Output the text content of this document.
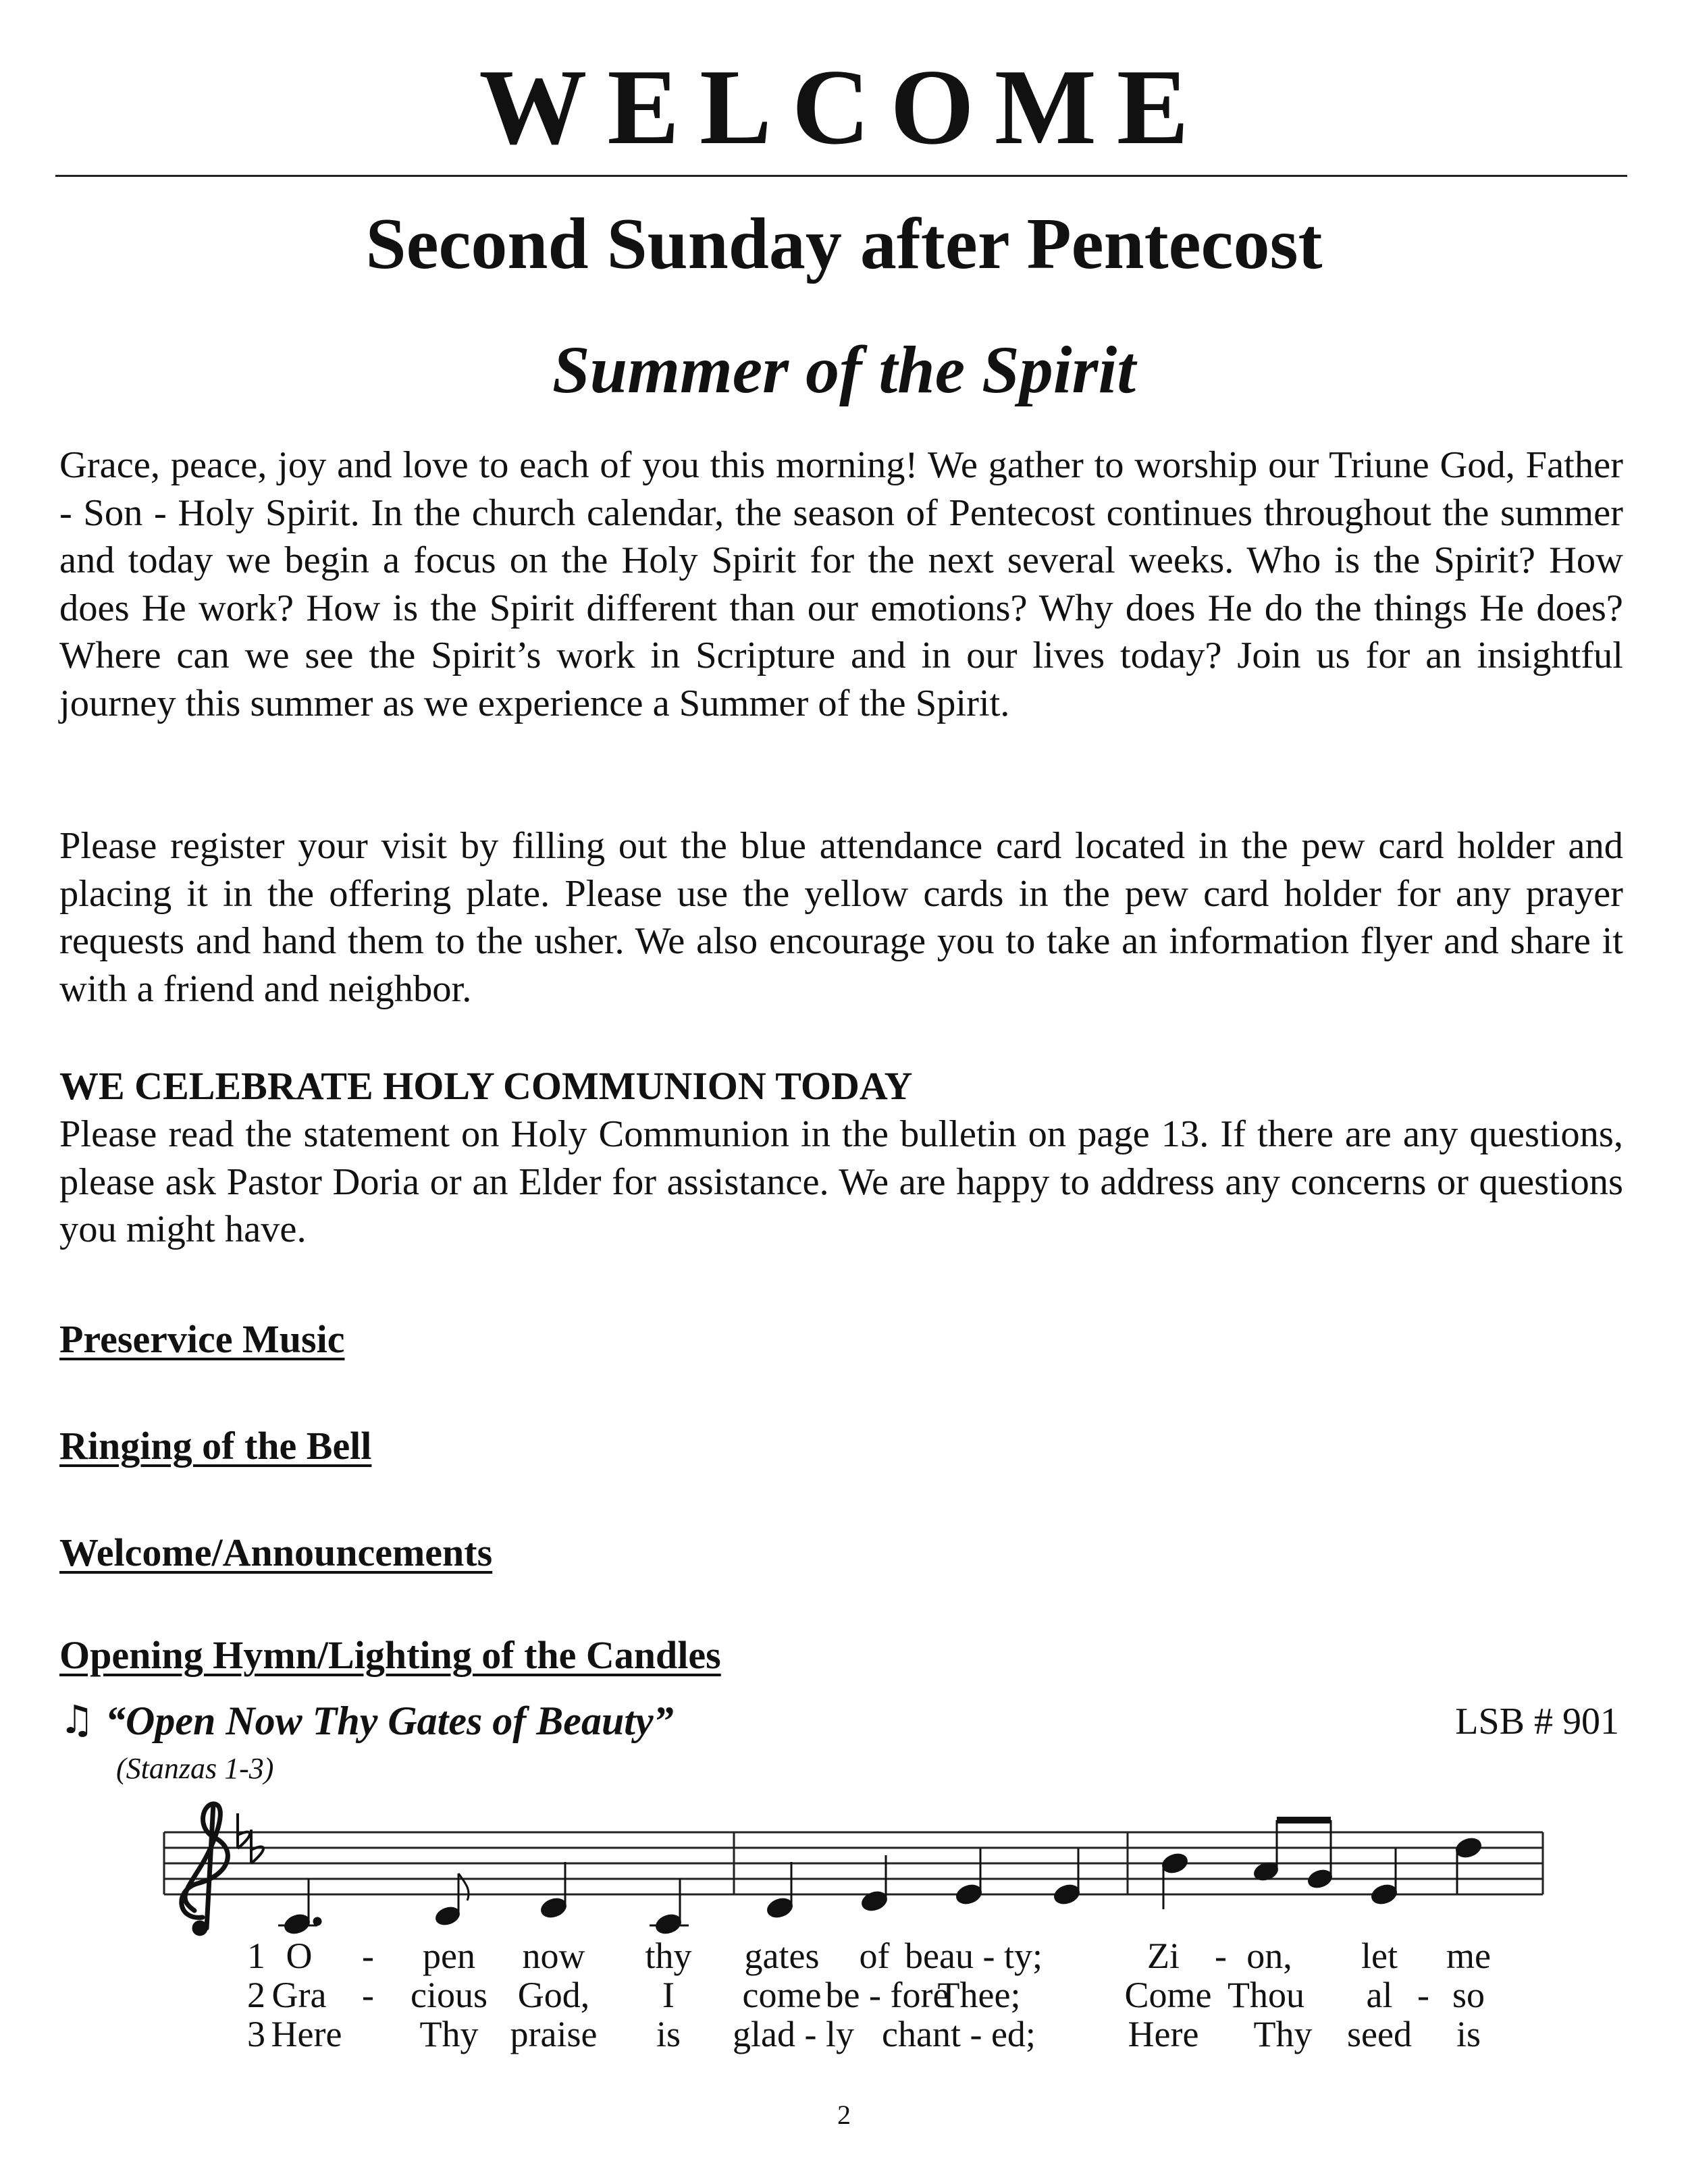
WELCOME
Second Sunday after Pentecost
Summer of the Spirit

Grace, peace, joy and love to each of you this morning! We gather to worship our Triune God, Father - Son - Holy Spirit. In the church calendar, the season of Pentecost continues throughout the summer and today we begin a focus on the Holy Spirit for the next several weeks. Who is the Spirit? How does He work? How is the Spirit different than our emotions? Why does He do the things He does? Where can we see the Spirit’s work in Scripture and in our lives today? Join us for an insightful journey this summer as we experience a Summer of the Spirit.

Please register your visit by filling out the blue attendance card located in the pew card holder and placing it in the offering plate. Please use the yellow cards in the pew card holder for any prayer requests and hand them to the usher. We also encourage you to take an information flyer and share it with a friend and neighbor.

WE CELEBRATE HOLY COMMUNION TODAY

Please read the statement on Holy Communion in the bulletin on page 13. If there are any questions, please ask Pastor Doria or an Elder for assistance. We are happy to address any concerns or questions you might have.

Preservice Music
Ringing of the Bell
Welcome/Announcements
Opening Hymn/Lighting of the Candles
♫ “Open Now Thy Gates of Beauty”	LSB # 901
(Stanzas 1-3)
1
2
3
O - pen now thy gates of beau - ty;	Zi - on, let me
Gra - cious God, I come be - fore
Thee;	Come Thou al - so
Here Thy praise is glad - ly chant - ed;	Here Thy seed is
2
